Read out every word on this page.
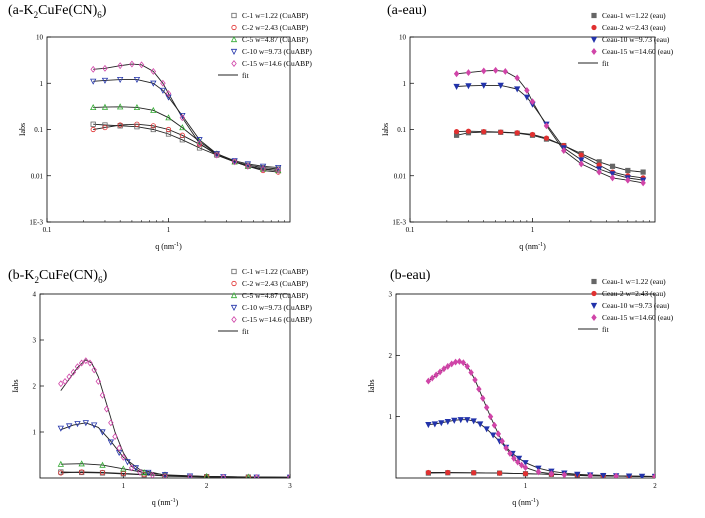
0.1	1
1E-3
0.01
0.1
1
10
q $(nm^{-1})$
Iabs
C-1 w=1.22 (CuABP)
C-2 w=2.43 (CuABP)
C-5 w=4.87 (CuABP)
C-10 w=9.73 (CuABP)
C-15 w=14.6 (CuABP)
fit
$(a-K_2CuFe(CN)_6)$
0.1	1
1E-3
0.01
0.1
1
10
q $(nm^{-1})$
Iabs
Ceau-1 w=1.22 (eau)
Ceau-2 w=2.43 (eau)
Ceau-10 w=9.73 (eau)
Ceau-15 w=14.60 (eau)
fit
(a-eau)
1	2	3
1
2
3
4
q $(nm^{-1})$
Iabs
C-1 w=1.22 (CuABP)
C-2 w=2.43 (CuABP)
C-5 w=4.87 (CuABP)
C-10 w=9.73 (CuABP)
C-15 w=14.6 (CuABP)
fit
$(b-K_2CuFe(CN)_6)$
1	2
1
2
3
q $(nm^{-1})$
Iabs
Ceau-1 w=1.22 (eau)
Ceau-2 w=2.43 (eau)
Ceau-10 w=9.73 (eau)
Ceau-15 w=14.60 (eau)
fit
(b-eau)
